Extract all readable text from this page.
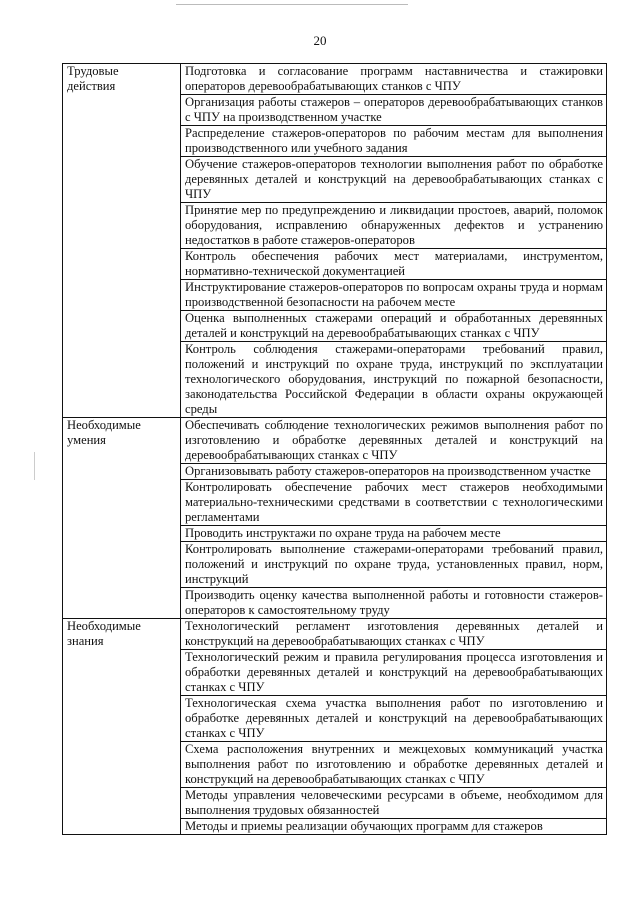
20
Трудовые
действия	Подготовка и согласование программ наставничества и стажировки операторов деревообрабатывающих станков с ЧПУ
	Организация работы стажеров – операторов деревообрабатывающих станков с ЧПУ на производственном участке
	Распределение стажеров-операторов по рабочим местам для выполнения производственного или учебного задания
	Обучение стажеров-операторов технологии выполнения работ по обработке деревянных деталей и конструкций на деревообрабатывающих станках с ЧПУ
	Принятие мер по предупреждению и ликвидации простоев, аварий, поломок оборудования, исправлению обнаруженных дефектов и устранению недостатков в работе стажеров-операторов
	Контроль обеспечения рабочих мест материалами, инструментом, нормативно-технической документацией
	Инструктирование стажеров-операторов по вопросам охраны труда и нормам производственной безопасности на рабочем месте
	Оценка выполненных стажерами операций и обработанных деревянных деталей и конструкций на деревообрабатывающих станках с ЧПУ
	Контроль соблюдения стажерами-операторами требований правил, положений и инструкций по охране труда, инструкций по эксплуатации технологического оборудования, инструкций по пожарной безопасности, законодательства Российской Федерации в области охраны окружающей среды

Необходимые
умения	Обеспечивать соблюдение технологических режимов выполнения работ по изготовлению и обработке деревянных деталей и конструкций на деревообрабатывающих станках с ЧПУ
	Организовывать работу стажеров-операторов на производственном участке
	Контролировать обеспечение рабочих мест стажеров необходимыми материально-техническими средствами в соответствии с технологическими регламентами
	Проводить инструктажи по охране труда на рабочем месте
	Контролировать выполнение стажерами-операторами требований правил, положений и инструкций по охране труда, установленных правил, норм, инструкций
	Производить оценку качества выполненной работы и готовности стажеров-операторов к самостоятельному труду

Необходимые
знания	Технологический регламент изготовления деревянных деталей и конструкций на деревообрабатывающих станках с ЧПУ
	Технологический режим и правила регулирования процесса изготовления и обработки деревянных деталей и конструкций на деревообрабатывающих станках с ЧПУ
	Технологическая схема участка выполнения работ по изготовлению и обработке деревянных деталей и конструкций на деревообрабатывающих станках с ЧПУ
	Схема расположения внутренних и межцеховых коммуникаций участка выполнения работ по изготовлению и обработке деревянных деталей и конструкций на деревообрабатывающих станках с ЧПУ
	Методы управления человеческими ресурсами в объеме, необходимом для выполнения трудовых обязанностей
	Методы и приемы реализации обучающих программ для стажеров
